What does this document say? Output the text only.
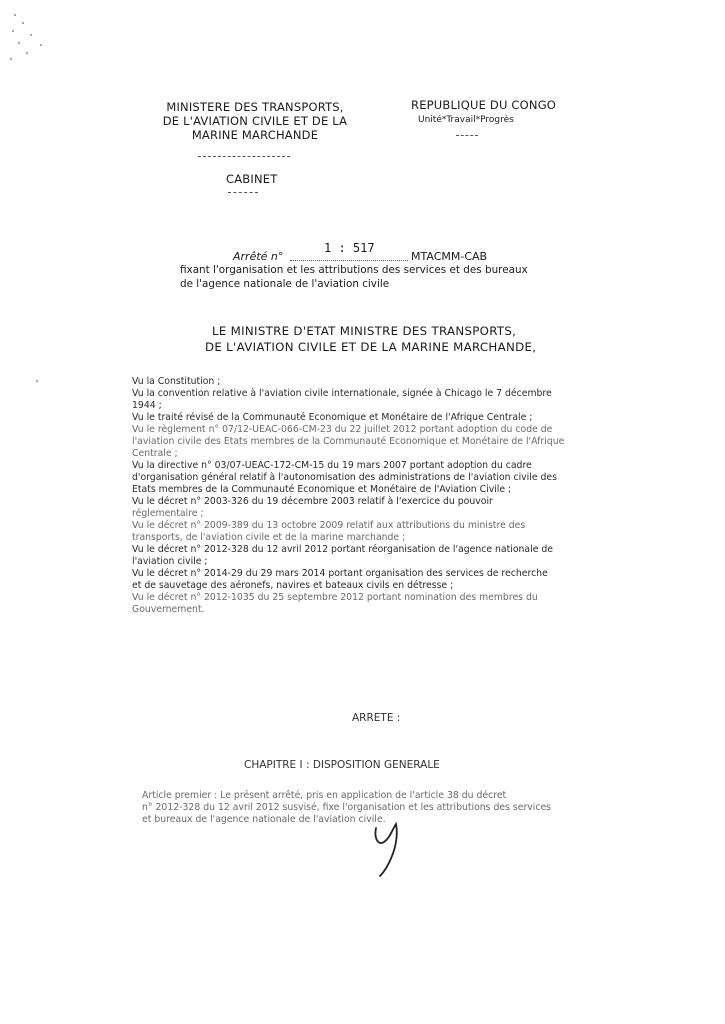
MINISTERE DES TRANSPORTS,
DE L'AVIATION CIVILE ET DE LA
MARINE MARCHANDE
CABINET
REPUBLIQUE DU CONGO
Unité*Travail*Progrès
Arrêté n°
1 : 517
MTACMM-CAB
fixant l'organisation et les attributions des services et des bureaux
de l'agence nationale de l'aviation civile
LE MINISTRE D'ETAT MINISTRE DES TRANSPORTS,
DE L'AVIATION CIVILE ET DE LA MARINE MARCHANDE,
Vu la Constitution ;
Vu la convention relative à l'aviation civile internationale, signée à Chicago le 7 décembre
1944 ;
Vu le traité révisé de la Communauté Economique et Monétaire de l'Afrique Centrale ;
Vu le règlement n° 07/12-UEAC-066-CM-23 du 22 juillet 2012 portant adoption du code de
l'aviation civile des Etats membres de la Communauté Economique et Monétaire de l'Afrique
Centrale ;
Vu la directive n° 03/07-UEAC-172-CM-15 du 19 mars 2007 portant adoption du cadre
d'organisation général relatif à l'autonomisation des administrations de l'aviation civile des
Etats membres de la Communauté Economique et Monétaire de l'Aviation Civile ;
Vu le décret n° 2003-326 du 19 décembre 2003 relatif à l'exercice du pouvoir
réglementaire ;
Vu le décret n° 2009-389 du 13 octobre 2009 relatif aux attributions du ministre des
transports, de l'aviation civile et de la marine marchande ;
Vu le décret n° 2012-328 du 12 avril 2012 portant réorganisation de l'agence nationale de
l'aviation civile ;
Vu le décret n° 2014-29 du 29 mars 2014 portant organisation des services de recherche
et de sauvetage des aéronefs, navires et bateaux civils en détresse ;
Vu le décret n° 2012-1035 du 25 septembre 2012 portant nomination des membres du
Gouvernement.
ARRETE :
CHAPITRE I : DISPOSITION GENERALE
Article premier : Le présent arrêté, pris en application de l'article 38 du décret
n° 2012-328 du 12 avril 2012 susvisé, fixe l'organisation et les attributions des services
et bureaux de l'agence nationale de l'aviation civile.
